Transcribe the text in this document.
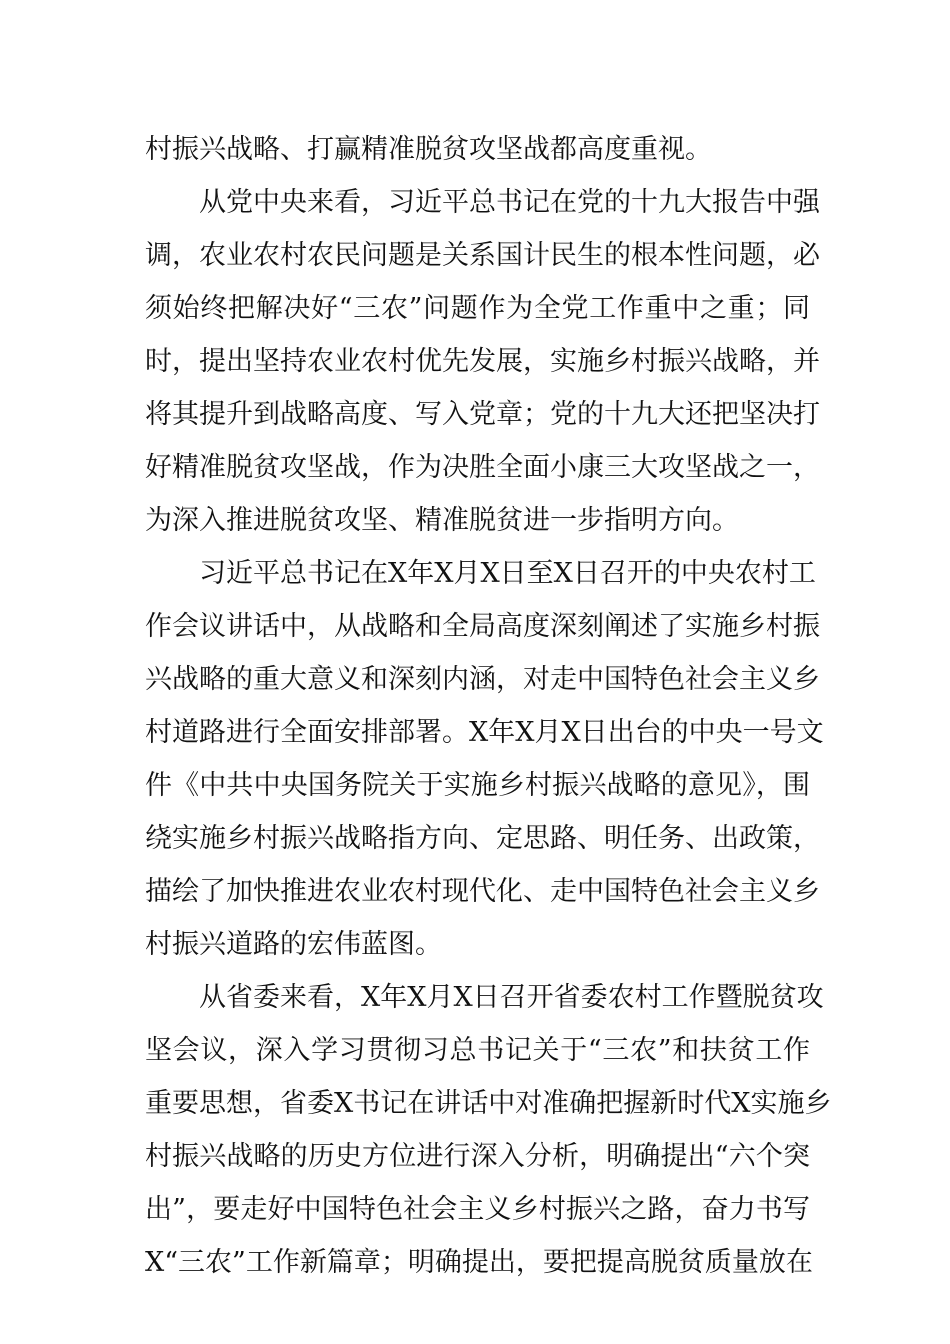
村振兴战略、打赢精准脱贫攻坚战都高度重视。
从党中央来看，习近平总书记在党的十九大报告中强
调，农业农村农民问题是关系国计民生的根本性问题，必
须始终把解决好“三农”问题作为全党工作重中之重；同
时，提出坚持农业农村优先发展，实施乡村振兴战略，并
将其提升到战略高度、写入党章；党的十九大还把坚决打
好精准脱贫攻坚战，作为决胜全面小康三大攻坚战之一，
为深入推进脱贫攻坚、精准脱贫进一步指明方向。
习近平总书记在X年X月X日至X日召开的中央农村工
作会议讲话中，从战略和全局高度深刻阐述了实施乡村振
兴战略的重大意义和深刻内涵，对走中国特色社会主义乡
村道路进行全面安排部署。X年X月X日出台的中央一号文
件《中共中央国务院关于实施乡村振兴战略的意见》，围
绕实施乡村振兴战略指方向、定思路、明任务、出政策，
描绘了加快推进农业农村现代化、走中国特色社会主义乡
村振兴道路的宏伟蓝图。
从省委来看，X年X月X日召开省委农村工作暨脱贫攻
坚会议，深入学习贯彻习总书记关于“三农”和扶贫工作
重要思想，省委X书记在讲话中对准确把握新时代X实施乡
村振兴战略的历史方位进行深入分析，明确提出“六个突
出”，要走好中国特色社会主义乡村振兴之路，奋力书写
X“三农”工作新篇章；明确提出，要把提高脱贫质量放在
